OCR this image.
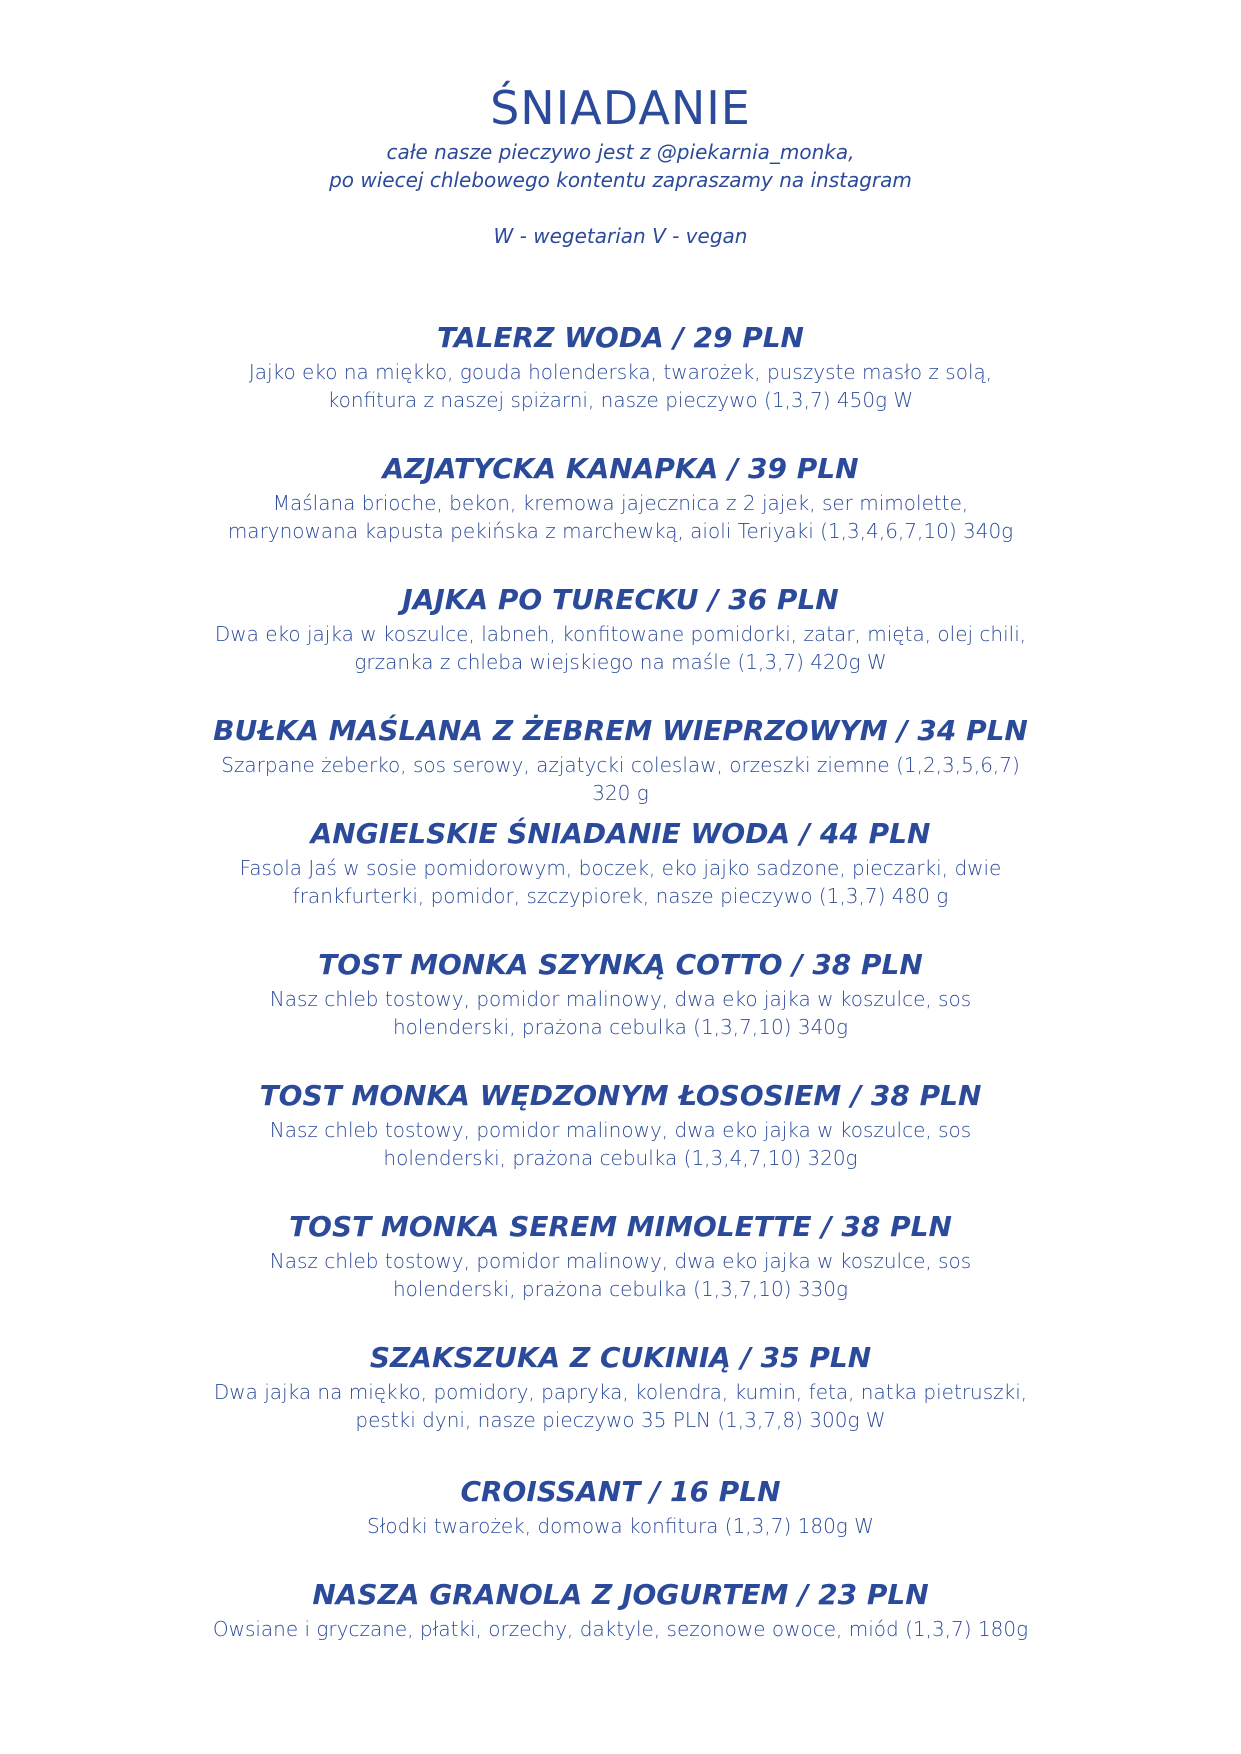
ŚNIADANIE
całe nasze pieczywo jest z @piekarnia_monka,
po wiecej chlebowego kontentu zapraszamy na instagram
W - wegetarian V - vegan
TALERZ WODA / 29 PLN
Jajko eko na miękko, gouda holenderska, twarożek, puszyste masło z solą, konfitura z naszej spiżarni, nasze pieczywo (1,3,7) 450g W
AZJATYCKA KANAPKA / 39 PLN
Maślana brioche, bekon, kremowa jajecznica z 2 jajek, ser mimolette, marynowana kapusta pekińska z marchewką, aioli Teriyaki (1,3,4,6,7,10) 340g
JAJKA PO TURECKU / 36 PLN
Dwa eko jajka w koszulce, labneh, konfitowane pomidorki, zatar, mięta, olej chili, grzanka z chleba wiejskiego na maśle (1,3,7) 420g W
BUŁKA MAŚLANA Z ŻEBREM WIEPRZOWYM / 34 PLN
Szarpane żeberko, sos serowy, azjatycki coleslaw, orzeszki ziemne (1,2,3,5,6,7) 320 g
ANGIELSKIE ŚNIADANIE WODA / 44 PLN
Fasola Jaś w sosie pomidorowym, boczek, eko jajko sadzone, pieczarki, dwie frankfurterki, pomidor, szczypiorek, nasze pieczywo (1,3,7) 480 g
TOST MONKA SZYNKĄ COTTO / 38 PLN
Nasz chleb tostowy, pomidor malinowy, dwa eko jajka w koszulce, sos holenderski, prażona cebulka (1,3,7,10) 340g
TOST MONKA WĘDZONYM ŁOSOSIEM / 38 PLN
Nasz chleb tostowy, pomidor malinowy, dwa eko jajka w koszulce, sos holenderski, prażona cebulka (1,3,4,7,10) 320g
TOST MONKA SEREM MIMOLETTE / 38 PLN
Nasz chleb tostowy, pomidor malinowy, dwa eko jajka w koszulce, sos holenderski, prażona cebulka (1,3,7,10) 330g
SZAKSZUKA Z CUKINIĄ / 35 PLN
Dwa jajka na miękko, pomidory, papryka, kolendra, kumin, feta, natka pietruszki, pestki dyni, nasze pieczywo 35 PLN (1,3,7,8) 300g W
CROISSANT / 16 PLN
Słodki twarożek, domowa konfitura (1,3,7) 180g W
NASZA GRANOLA Z JOGURTEM / 23 PLN
Owsiane i gryczane, płatki, orzechy, daktyle, sezonowe owoce, miód (1,3,7) 180g
